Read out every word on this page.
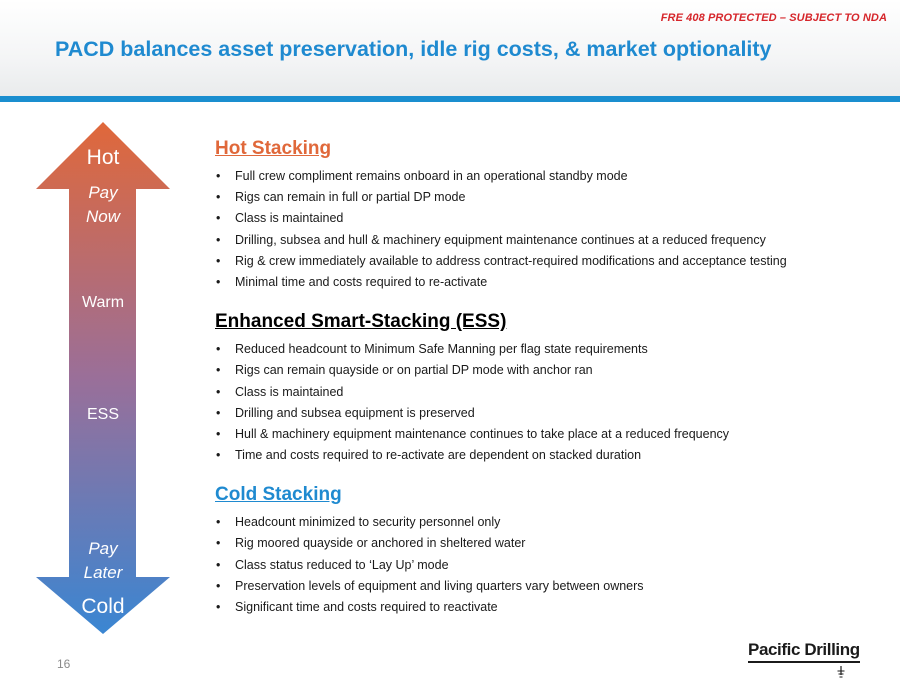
FRE 408 PROTECTED – SUBJECT TO NDA
PACD balances asset preservation, idle rig costs, & market optionality
Hot
Pay
Now
Warm
ESS
Pay
Later
Cold
Hot Stacking
• Full crew compliment remains onboard in an operational standby mode
• Rigs can remain in full or partial DP mode
• Class is maintained
• Drilling, subsea and hull & machinery equipment maintenance continues at a reduced frequency
• Rig & crew immediately available to address contract-required modifications and acceptance testing
• Minimal time and costs required to re-activate
Enhanced Smart-Stacking (ESS)
• Reduced headcount to Minimum Safe Manning per flag state requirements
• Rigs can remain quayside or on partial DP mode with anchor ran
• Class is maintained
• Drilling and subsea equipment is preserved
• Hull & machinery equipment maintenance continues to take place at a reduced frequency
• Time and costs required to re-activate are dependent on stacked duration
Cold Stacking
• Headcount minimized to security personnel only
• Rig moored quayside or anchored in sheltered water
• Class status reduced to ‘Lay Up’ mode
• Preservation levels of equipment and living quarters vary between owners
• Significant time and costs required to reactivate
16
Pacific Drilling
